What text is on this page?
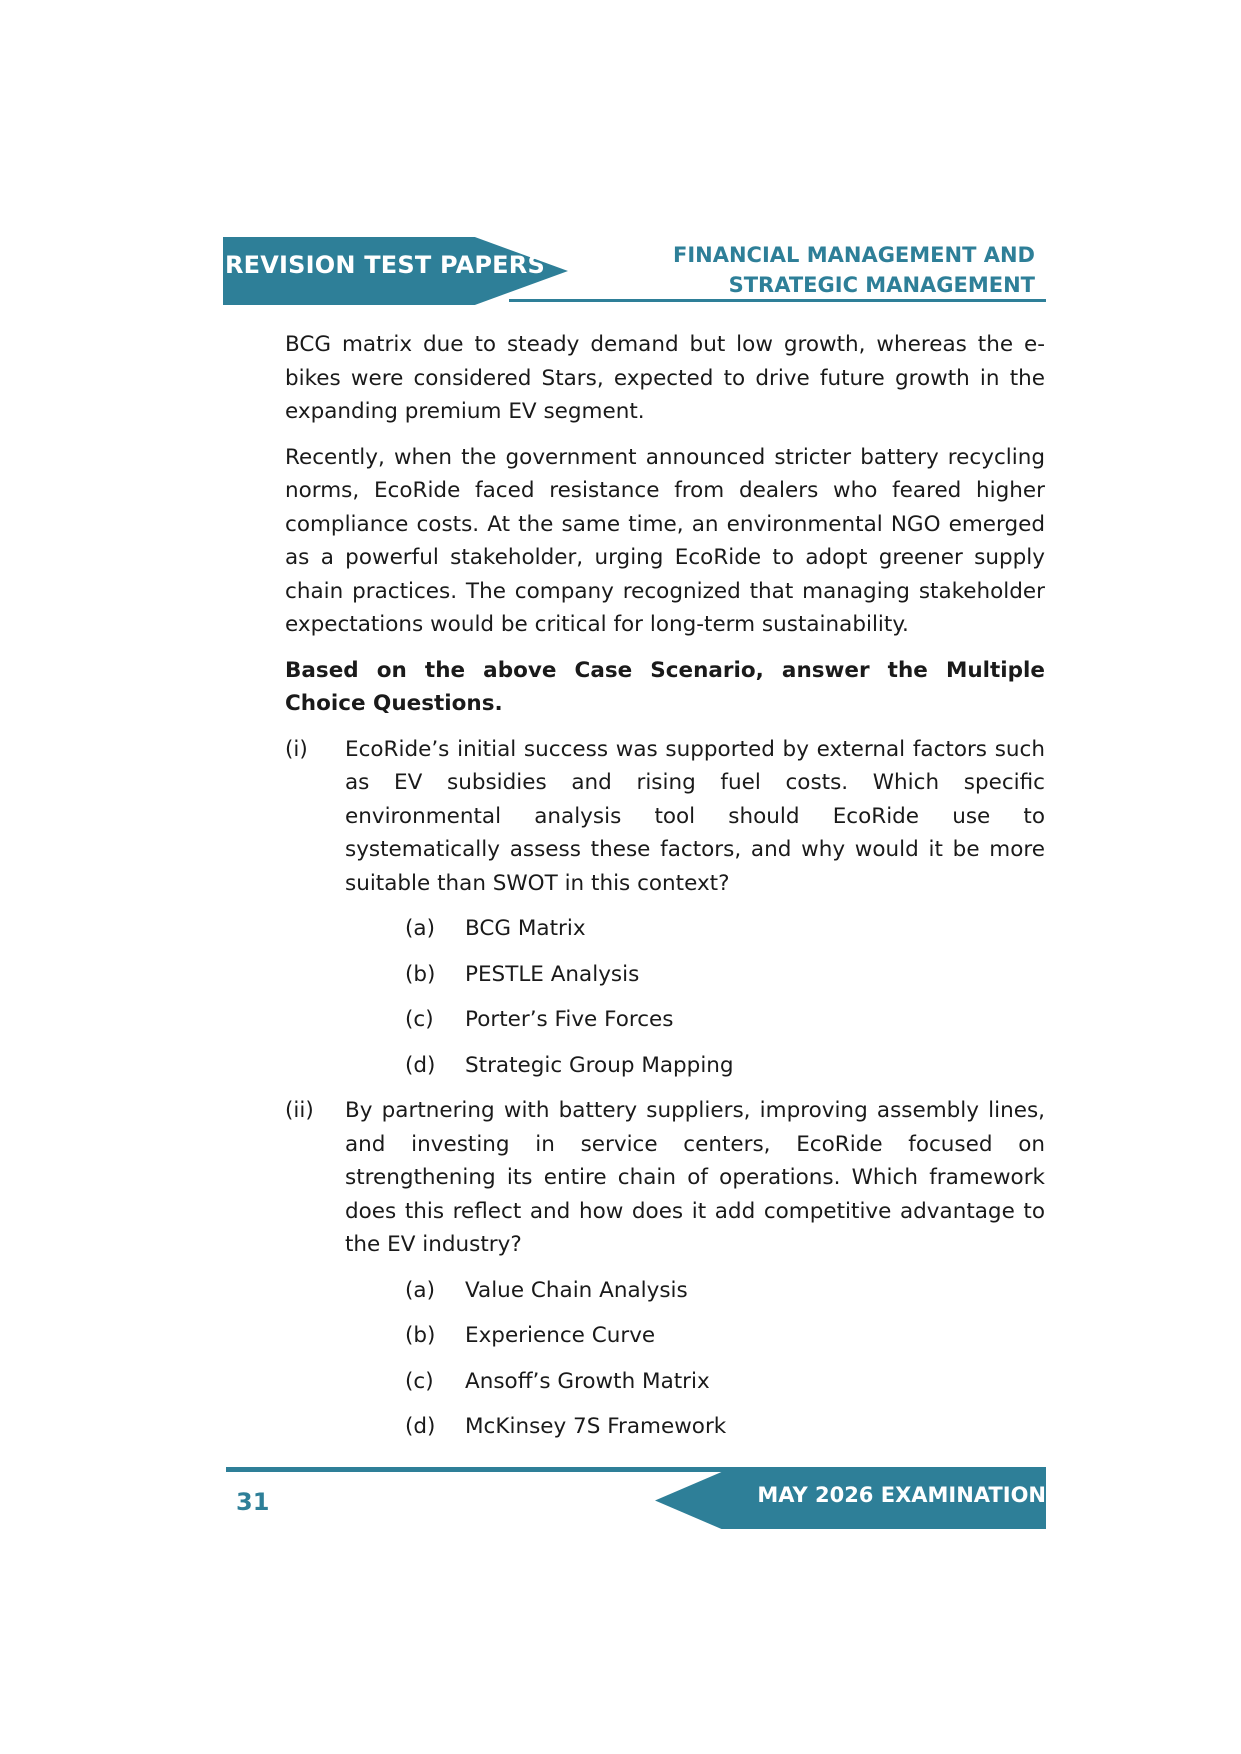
REVISION TEST PAPERS	FINANCIAL MANAGEMENT AND
STRATEGIC MANAGEMENT

BCG matrix due to steady demand but low growth, whereas the e-bikes were considered Stars, expected to drive future growth in the expanding premium EV segment.

Recently, when the government announced stricter battery recycling norms, EcoRide faced resistance from dealers who feared higher compliance costs. At the same time, an environmental NGO emerged as a powerful stakeholder, urging EcoRide to adopt greener supply chain practices. The company recognized that managing stakeholder expectations would be critical for long-term sustainability.

Based on the above Case Scenario, answer the Multiple Choice Questions.

(i)	EcoRide’s initial success was supported by external factors such as EV subsidies and rising fuel costs. Which specific environmental analysis tool should EcoRide use to systematically assess these factors, and why would it be more suitable than SWOT in this context?
(a)	BCG Matrix
(b)	PESTLE Analysis
(c)	Porter’s Five Forces
(d)	Strategic Group Mapping
(ii)	By partnering with battery suppliers, improving assembly lines, and investing in service centers, EcoRide focused on strengthening its entire chain of operations. Which framework does this reflect and how does it add competitive advantage to the EV industry?
(a)	Value Chain Analysis
(b)	Experience Curve
(c)	Ansoff’s Growth Matrix
(d)	McKinsey 7S Framework
31	MAY 2026 EXAMINATION
